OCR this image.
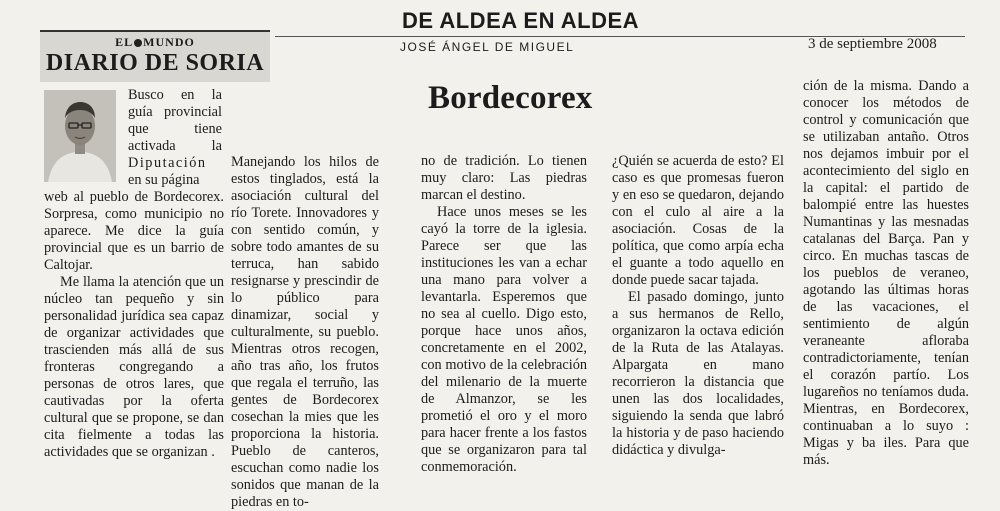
EL MUNDO
DIARIO DE SORIA
DE ALDEA EN ALDEA
JOSÉ ÁNGEL DE MIGUEL	3 de septiembre 2008
Bordecorex

Busco en la guía provincial que tiene activada la Diputación en su página

web al pueblo de Bordecorex. Sorpresa, como municipio no aparece. Me dice la guía provincial que es un barrio de Caltojar.

Me llama la atención que un núcleo tan pequeño y sin personalidad jurídica sea capaz de organizar actividades que trascienden más allá de sus fronteras congregando a personas de otros lares, que cautivadas por la oferta cultural que se propone, se dan cita fielmente a todas las actividades que se organizan .

Manejando los hilos de estos tinglados, está la asociación cultural del río Torete. Innovadores y con sentido común, y sobre todo amantes de su terruca, han sabido resignarse y prescindir de lo público para dinamizar, social y culturalmente, su pueblo. Mientras otros recogen, año tras año, los frutos que regala el terruño, las gentes de Bordecorex cosechan la mies que les proporciona la historia. Pueblo de canteros, escuchan como nadie los sonidos que manan de la piedras en to-

no de tradición. Lo tienen muy claro: Las piedras marcan el destino.

Hace unos meses se les cayó la torre de la iglesia. Parece ser que las instituciones les van a echar una mano para volver a levantarla. Esperemos que no sea al cuello. Digo esto, porque hace unos años, concretamente en el 2002, con motivo de la celebración del milenario de la muerte de Almanzor, se les prometió el oro y el moro para hacer frente a los fastos que se organizaron para tal conmemoración.

¿Quién se acuerda de esto? El caso es que promesas fueron y en eso se quedaron, dejando con el culo al aire a la asociación. Cosas de la política, que como arpía echa el guante a todo aquello en donde puede sacar tajada.

El pasado domingo, junto a sus hermanos de Rello, organizaron la octava edición de la Ruta de las Atalayas. Alpargata en mano recorrieron la distancia que unen las dos localidades, siguiendo la senda que labró la historia y de paso haciendo didáctica y divulga-

ción de la misma. Dando a conocer los métodos de control y comunicación que se utilizaban antaño. Otros nos dejamos imbuir por el acontecimiento del siglo en la capital: el partido de balompié entre las huestes Numantinas y las mesnadas catalanas del Barça. Pan y circo. En muchas tascas de los pueblos de veraneo, agotando las últimas horas de las vacaciones, el sentimiento de algún veraneante afloraba contradictoriamente, tenían el corazón partío. Los lugareños no teníamos duda. Mientras, en Bordecorex, continuaban a lo suyo : Migas y ba iles. Para que más.
